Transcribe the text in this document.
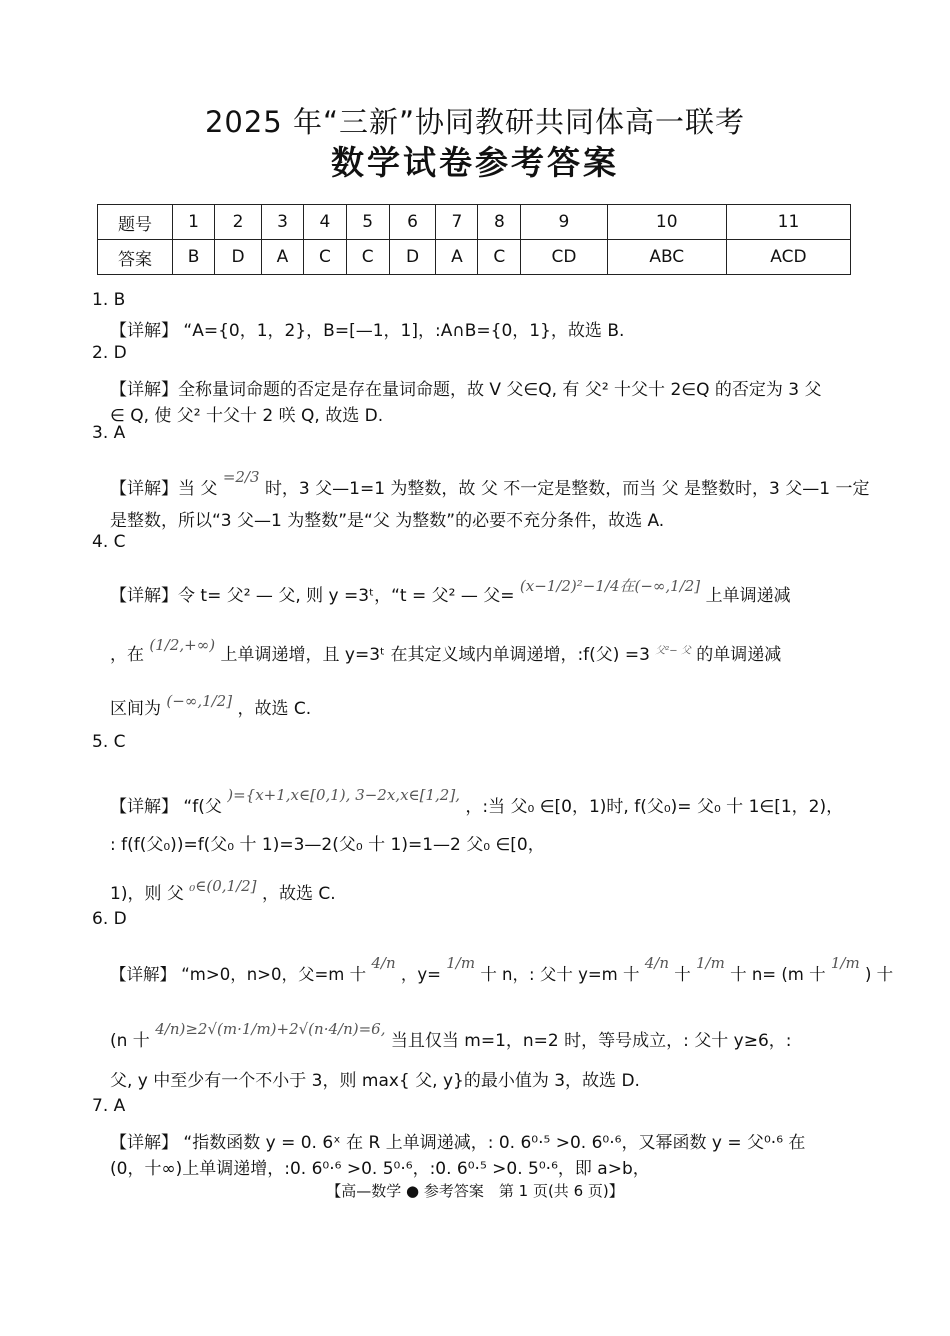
2025 年“三新”协同教研共同体高一联考
数学试卷参考答案
题号	1	2	3	4	5	6	7	8	9	10	11
答案	B	D	A	C	C	D	A	C	CD	ABC	ACD
1. B
【详解】 “A={0，1，2}，B=[—1，1]，:A∩B={0，1}，故选 B.
2. D
【详解】全称量词命题的否定是存在量词命题，故 V 父∈Q, 有 父² 十父十 2∈Q 的否定为 3 父
∈ Q, 使 父² 十父十 2 咲 Q, 故选 D.
3. A
【详解】当 父 =2/3 时，3 父—1=1 为整数，故 父 不一定是整数，而当 父 是整数时，3 父—1 一定
是整数，所以“3 父—1 为整数”是“父 为整数”的必要不充分条件，故选 A.
4. C
【详解】令 t= 父² — 父, 则 y =3ᵗ，“t = 父² — 父= (x−1/2)²−1/4在(−∞,1/2] 上单调递减
，在 (1/2,+∞) 上单调递增，且 y=3ᵗ 在其定义域内单调递增，:f(父) =3 $^{父^2- 父}$ 的单调递减
区间为 (−∞,1/2] ，故选 C.
5. C
【详解】 “f(父 )={x+1,x∈[0,1), 3−2x,x∈[1,2], ，:当 父₀ ∈[0，1)时, f(父₀)= 父₀ 十 1∈[1，2)，
: f(f(父₀))=f(父₀ 十 1)=3—2(父₀ 十 1)=1—2 父₀ ∈[0，
1)，则 父 ₀∈(0,1/2] ，故选 C.
6. D
【详解】 “m>0，n>0，父=m 十 4/n ，y= 1/m 十 n，: 父十 y=m 十 4/n 十 1/m 十 n= (m 十 1/m ) 十
(n 十 4/n)≥2√(m·1/m)+2√(n·4/n)=6, 当且仅当 m=1，n=2 时，等号成立，: 父十 y≥6，:
父, y 中至少有一个不小于 3，则 max{ 父, y}的最小值为 3，故选 D.
7. A
【详解】 “指数函数 y = 0. 6ˣ 在 R 上单调递减，: 0. 6⁰·⁵ >0. 6⁰·⁶，又幂函数 y = 父⁰·⁶ 在
(0，十∞)上单调递增，:0. 6⁰·⁶ >0. 5⁰·⁶，:0. 6⁰·⁵ >0. 5⁰·⁶，即 a>b，
【高—数学 ● 参考答案　第 1 页(共 6 页)】
